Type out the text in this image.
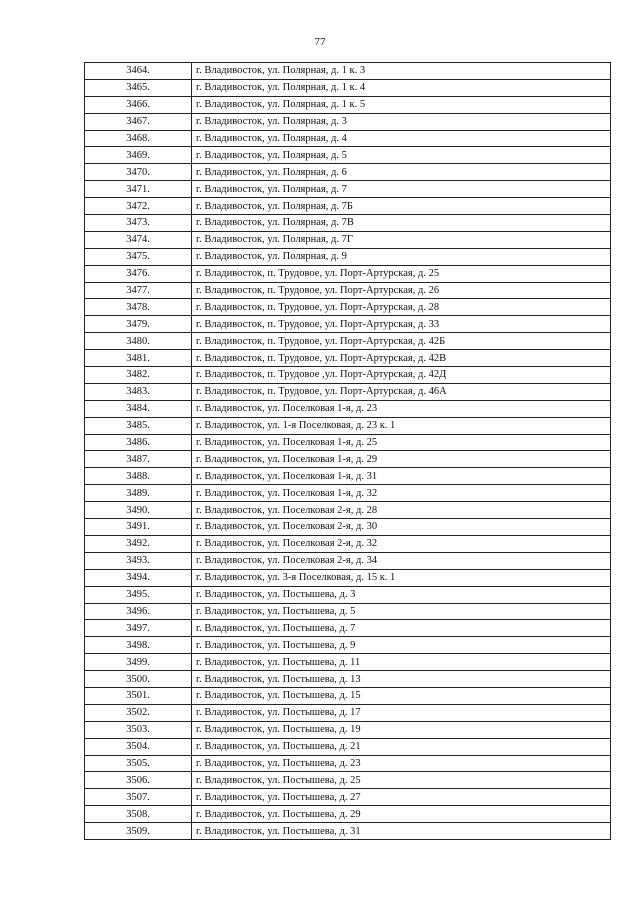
77
3464.	г. Владивосток, ул. Полярная, д. 1 к. 3
3465.	г. Владивосток, ул. Полярная, д. 1 к. 4
3466.	г. Владивосток, ул. Полярная, д. 1 к. 5
3467.	г. Владивосток, ул. Полярная, д. 3
3468.	г. Владивосток, ул. Полярная, д. 4
3469.	г. Владивосток, ул. Полярная, д. 5
3470.	г. Владивосток, ул. Полярная, д. 6
3471.	г. Владивосток, ул. Полярная, д. 7
3472.	г. Владивосток, ул. Полярная, д. 7Б
3473.	г. Владивосток, ул. Полярная, д. 7В
3474.	г. Владивосток, ул. Полярная, д. 7Г
3475.	г. Владивосток, ул. Полярная, д. 9
3476.	г. Владивосток, п. Трудовое, ул. Порт-Артурская, д. 25
3477.	г. Владивосток, п. Трудовое, ул. Порт-Артурская, д. 26
3478.	г. Владивосток, п. Трудовое, ул. Порт-Артурская, д. 28
3479.	г. Владивосток, п. Трудовое, ул. Порт-Артурская, д. 33
3480.	г. Владивосток, п. Трудовое, ул. Порт-Артурская, д. 42Б
3481.	г. Владивосток, п. Трудовое, ул. Порт-Артурская, д. 42В
3482.	г. Владивосток, п. Трудовое ,ул. Порт-Артурская, д. 42Д
3483.	г. Владивосток, п. Трудовое, ул. Порт-Артурская, д. 46А
3484.	г. Владивосток, ул. Поселковая 1-я, д. 23
3485.	г. Владивосток, ул. 1-я Поселковая, д. 23 к. 1
3486.	г. Владивосток, ул. Поселковая 1-я, д. 25
3487.	г. Владивосток, ул. Поселковая 1-я, д. 29
3488.	г. Владивосток, ул. Поселковая 1-я, д. 31
3489.	г. Владивосток, ул. Поселковая 1-я, д. 32
3490.	г. Владивосток, ул. Поселковая 2-я, д. 28
3491.	г. Владивосток, ул. Поселковая 2-я, д. 30
3492.	г. Владивосток, ул. Поселковая 2-я, д. 32
3493.	г. Владивосток, ул. Поселковая 2-я, д. 34
3494.	г. Владивосток, ул. 3-я Поселковая, д. 15 к. 1
3495.	г. Владивосток, ул. Постышева, д. 3
3496.	г. Владивосток, ул. Постышева, д. 5
3497.	г. Владивосток, ул. Постышева, д. 7
3498.	г. Владивосток, ул. Постышева, д. 9
3499.	г. Владивосток, ул. Постышева, д. 11
3500.	г. Владивосток, ул. Постышева, д. 13
3501.	г. Владивосток, ул. Постышева, д. 15
3502.	г. Владивосток, ул. Постышева, д. 17
3503.	г. Владивосток, ул. Постышева, д. 19
3504.	г. Владивосток, ул. Постышева, д. 21
3505.	г. Владивосток, ул. Постышева, д. 23
3506.	г. Владивосток, ул. Постышева, д. 25
3507.	г. Владивосток, ул. Постышева, д. 27
3508.	г. Владивосток, ул. Постышева, д. 29
3509.	г. Владивосток, ул. Постышева, д. 31
